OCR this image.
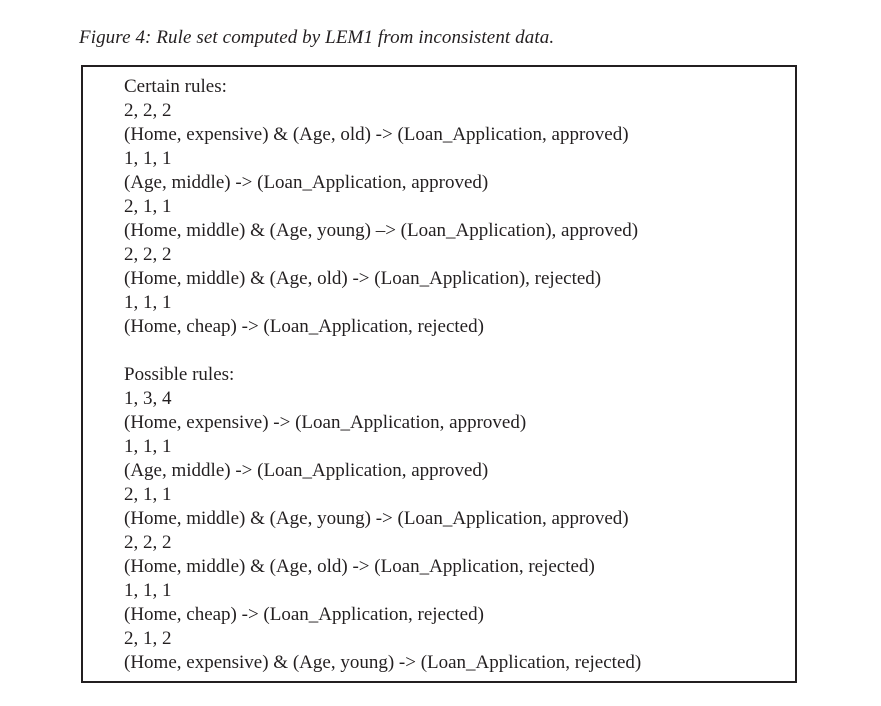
Figure 4: Rule set computed by LEM1 from inconsistent data.
Certain rules:
2, 2, 2
(Home, expensive) & (Age, old) -> (Loan_Application, approved)
1, 1, 1
(Age, middle) -> (Loan_Application, approved)
2, 1, 1
(Home, middle) & (Age, young) –> (Loan_Application), approved)
2, 2, 2
(Home, middle) & (Age, old) -> (Loan_Application), rejected)
1, 1, 1
(Home, cheap) -> (Loan_Application, rejected)
Possible rules:
1, 3, 4
(Home, expensive) -> (Loan_Application, approved)
1, 1, 1
(Age, middle) -> (Loan_Application, approved)
2, 1, 1
(Home, middle) & (Age, young) -> (Loan_Application, approved)
2, 2, 2
(Home, middle) & (Age, old) -> (Loan_Application, rejected)
1, 1, 1
(Home, cheap) -> (Loan_Application, rejected)
2, 1, 2
(Home, expensive) & (Age, young) -> (Loan_Application, rejected)
